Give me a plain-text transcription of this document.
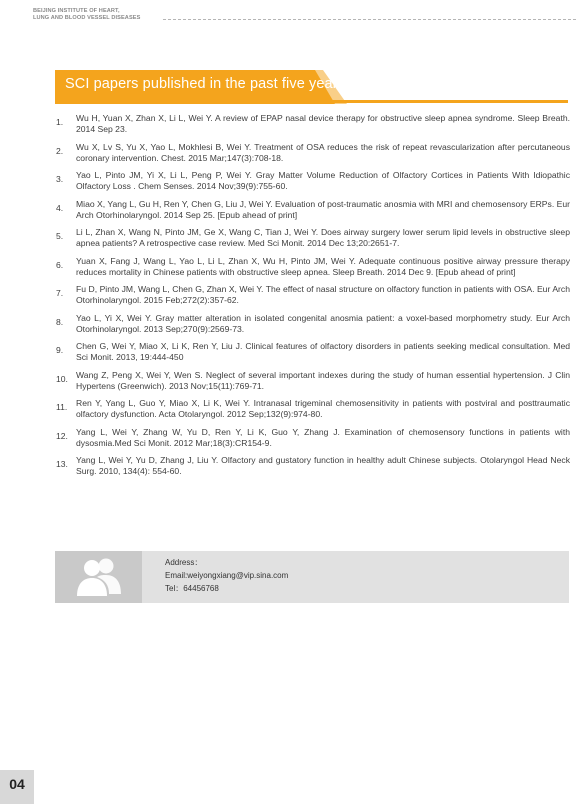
BEIJING INSTITUTE OF HEART,
LUNG AND BLOOD VESSEL DISEASES
SCI papers published in the past five years:
1. Wu H, Yuan X, Zhan X, Li L, Wei Y. A review of EPAP nasal device therapy for obstructive sleep apnea syndrome. Sleep Breath. 2014 Sep 23.
2. Wu X, Lv S, Yu X, Yao L, Mokhlesi B, Wei Y. Treatment of OSA reduces the risk of repeat revascularization after percutaneous coronary intervention. Chest. 2015 Mar;147(3):708-18.
3. Yao L, Pinto JM, Yi X, Li L, Peng P, Wei Y. Gray Matter Volume Reduction of Olfactory Cortices in Patients With Idiopathic Olfactory Loss . Chem Senses. 2014 Nov;39(9):755-60.
4. Miao X, Yang L, Gu H, Ren Y, Chen G, Liu J, Wei Y. Evaluation of post-traumatic anosmia with MRI and chemosensory ERPs. Eur Arch Otorhinolaryngol. 2014 Sep 25. [Epub ahead of print]
5. Li L, Zhan X, Wang N, Pinto JM, Ge X, Wang C, Tian J, Wei Y. Does airway surgery lower serum lipid levels in obstructive sleep apnea patients? A retrospective case review. Med Sci Monit. 2014 Dec 13;20:2651-7.
6. Yuan X, Fang J, Wang L, Yao L, Li L, Zhan X, Wu H, Pinto JM, Wei Y. Adequate continuous positive airway pressure therapy reduces mortality in Chinese patients with obstructive sleep apnea. Sleep Breath. 2014 Dec 9. [Epub ahead of print]
7. Fu D, Pinto JM, Wang L, Chen G, Zhan X, Wei Y. The effect of nasal structure on olfactory function in patients with OSA. Eur Arch Otorhinolaryngol. 2015 Feb;272(2):357-62.
8. Yao L, Yi X, Wei Y. Gray matter alteration in isolated congenital anosmia patient: a voxel-based morphometry study. Eur Arch Otorhinolaryngol. 2013 Sep;270(9):2569-73.
9. Chen G, Wei Y, Miao X, Li K, Ren Y, Liu J. Clinical features of olfactory disorders in patients seeking medical consultation. Med Sci Monit. 2013, 19:444-450
10. Wang Z, Peng X, Wei Y, Wen S. Neglect of several important indexes during the study of human essential hypertension. J Clin Hypertens (Greenwich). 2013 Nov;15(11):769-71.
11. Ren Y, Yang L, Guo Y, Miao X, Li K, Wei Y. Intranasal trigeminal chemosensitivity in patients with postviral and posttraumatic olfactory dysfunction. Acta Otolaryngol. 2012 Sep;132(9):974-80.
12. Yang L, Wei Y, Zhang W, Yu D, Ren Y, Li K, Guo Y, Zhang J. Examination of chemosensory functions in patients with dysosmia.Med Sci Monit. 2012 Mar;18(3):CR154-9.
13. Yang L, Wei Y, Yu D, Zhang J, Liu Y. Olfactory and gustatory function in healthy adult Chinese subjects. Otolaryngol Head Neck Surg. 2010, 134(4): 554-60.
Address：
Email:weiyongxiang@vip.sina.com
Tel：64456768
04
